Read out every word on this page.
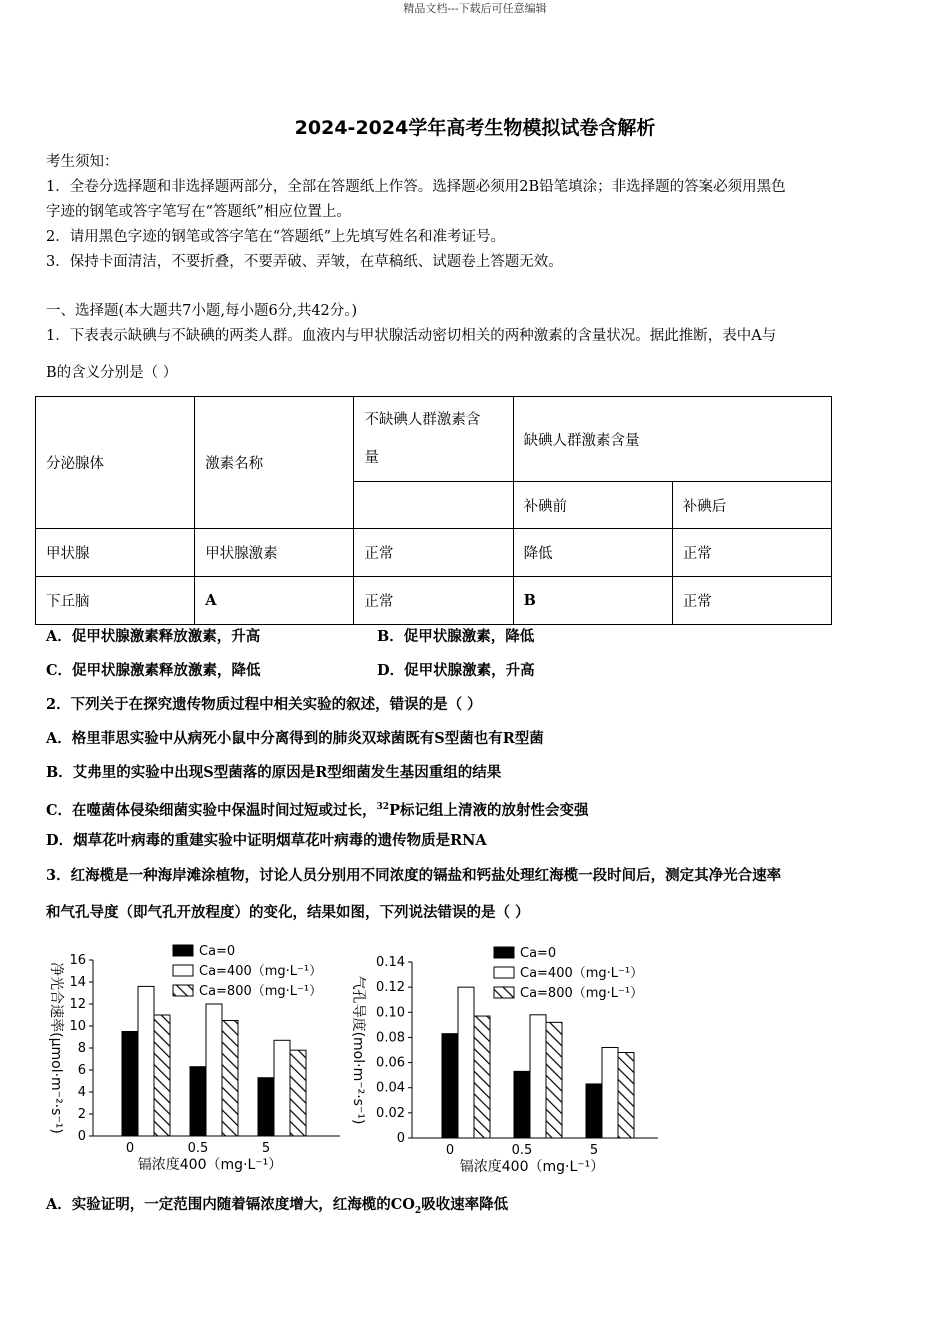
精品文档---下载后可任意编辑
2024-2024学年高考生物模拟试卷含解析
考生须知：
1．全卷分选择题和非选择题两部分，全部在答题纸上作答。选择题必须用2B铅笔填涂；非选择题的答案必须用黑色
字迹的钢笔或答字笔写在“答题纸”相应位置上。
2．请用黑色字迹的钢笔或答字笔在“答题纸”上先填写姓名和准考证号。
3．保持卡面清洁，不要折叠，不要弄破、弄皱，在草稿纸、试题卷上答题无效。
一、选择题(本大题共7小题,每小题6分,共42分。)
1．下表表示缺碘与不缺碘的两类人群。血液内与甲状腺活动密切相关的两种激素的含量状况。据此推断，表中A与
B的含义分别是（ ）
分泌腺体	激素名称	不缺碘人群激素含
量	缺碘人群激素含量	
			补碘前	补碘后
甲状腺	甲状腺激素	正常	降低	正常
下丘脑	A	正常	B	正常
A．促甲状腺激素释放激素，升高	B．促甲状腺激素，降低
C．促甲状腺激素释放激素，降低	D．促甲状腺激素，升高
2．下列关于在探究遗传物质过程中相关实验的叙述，错误的是（ ）
A．格里菲思实验中从病死小鼠中分离得到的肺炎双球菌既有S型菌也有R型菌
B．艾弗里的实验中出现S型菌落的原因是R型细菌发生基因重组的结果
C．在噬菌体侵染细菌实验中保温时间过短或过长，$^{32}$P标记组上清液的放射性会变强
D．烟草花叶病毒的重建实验中证明烟草花叶病毒的遗传物质是RNA
3．红海榄是一种海岸滩涂植物，讨论人员分别用不同浓度的镉盐和钙盐处理红海榄一段时间后，测定其净光合速率
和气孔导度（即气孔开放程度）的变化，结果如图，下列说法错误的是（ ）
0
2
4
6
8
10
12
14
16
0	0.5	5
Ca=0
Ca=400（mg·L⁻¹）
Ca=800（mg·L⁻¹）
镉浓度400（mg·L⁻¹）
净光合速率(μmol·m⁻²·s⁻¹)
0
0.02
0.04
0.06
0.08
0.10
0.12
0.14
0	0.5	5
Ca=0
Ca=400（mg·L⁻¹）
Ca=800（mg·L⁻¹）
镉浓度400（mg·L⁻¹）
气孔导度(mol·m⁻²·s⁻¹)
A．实验证明，一定范围内随着镉浓度增大，红海榄的$CO_2$吸收速率降低
